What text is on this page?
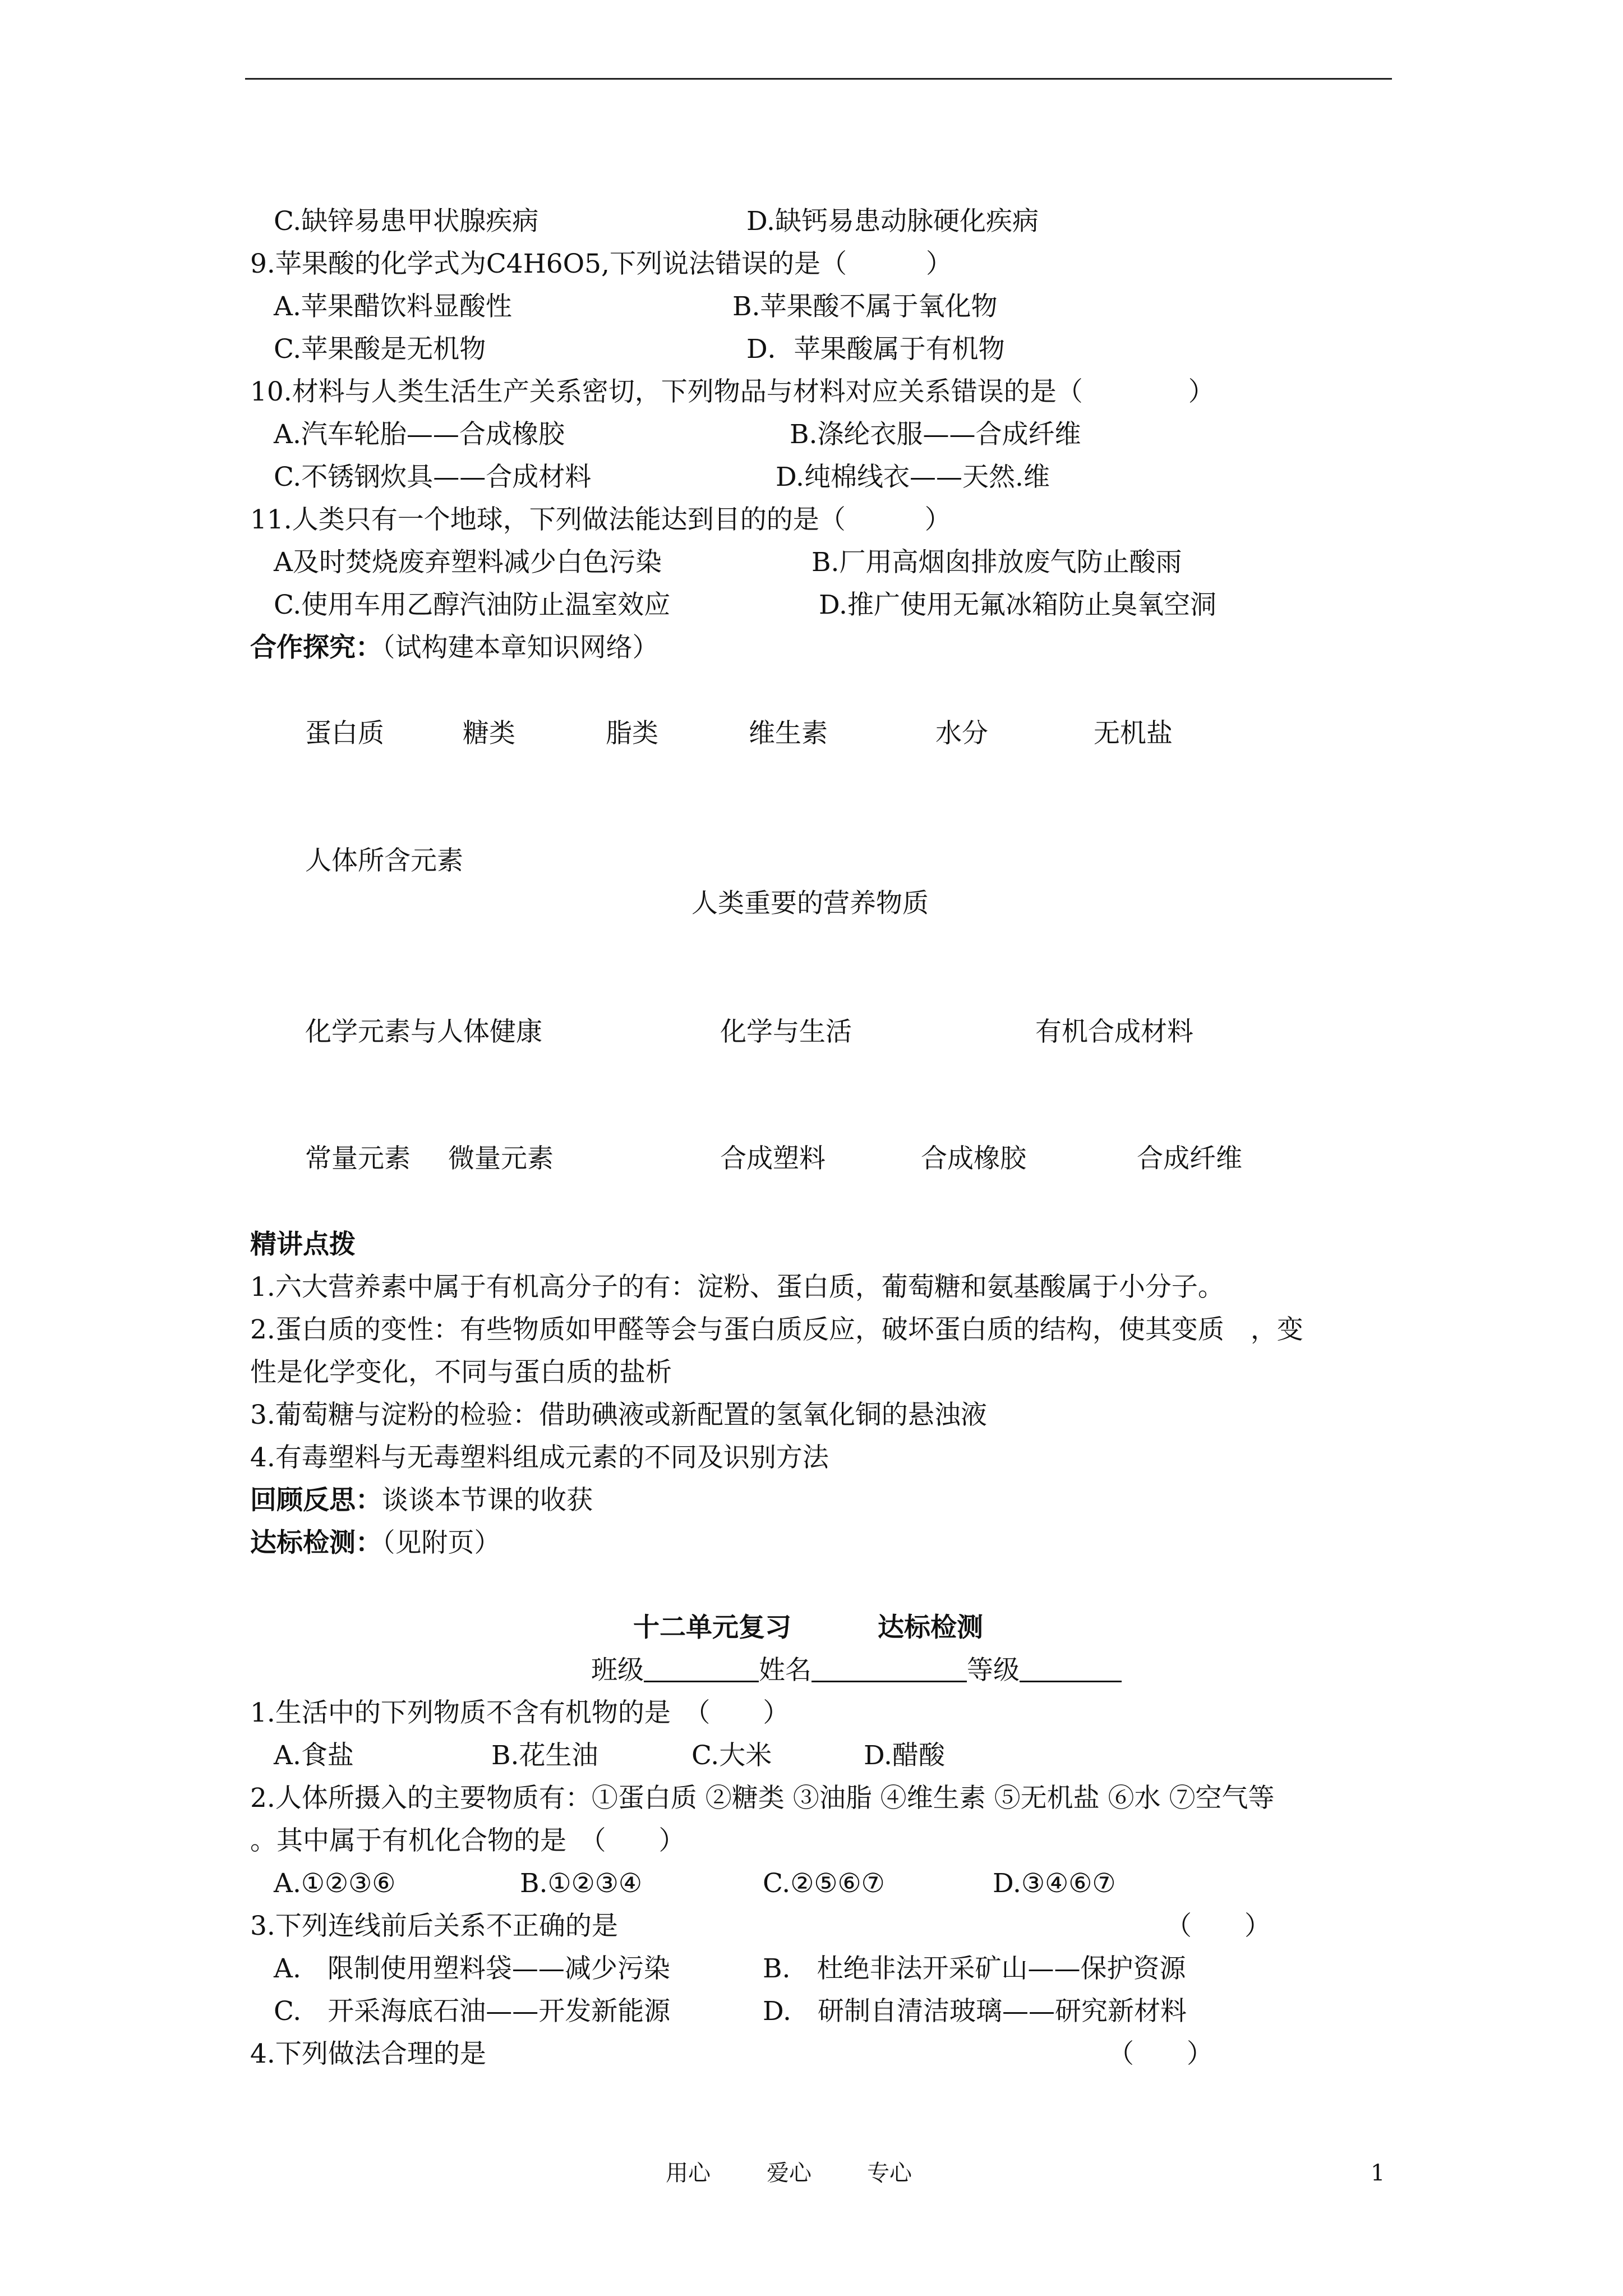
C.缺锌易患甲状腺疾病	D.缺钙易患动脉硬化疾病
9.苹果酸的化学式为C4H6O5,下列说法错误的是（　　　）
A.苹果醋饮料显酸性	B.苹果酸不属于氧化物
C.苹果酸是无机物	D．苹果酸属于有机物
10.材料与人类生活生产关系密切，下列物品与材料对应关系错误的是（　　　　）
A.汽车轮胎——合成橡胶	B.涤纶衣服——合成纤维
C.不锈钢炊具——合成材料	D.纯棉线衣——天然.维
11.人类只有一个地球，下列做法能达到目的的是（　　　）
A及时焚烧废弃塑料减少白色污染	B.厂用高烟囱排放废气防止酸雨
C.使用车用乙醇汽油防止温室效应	D.推广使用无氟冰箱防止臭氧空洞
合作探究：（试构建本章知识网络）
蛋白质	糖类	脂类	维生素	水分	无机盐
人体所含元素
人类重要的营养物质
化学元素与人体健康	化学与生活	有机合成材料
常量元素 微量元素	合成塑料	合成橡胶	合成纤维
精讲点拨
1.六大营养素中属于有机高分子的有：淀粉、蛋白质，葡萄糖和氨基酸属于小分子。
2.蛋白质的变性：有些物质如甲醛等会与蛋白质反应，破坏蛋白质的结构，使其变质　，变
性是化学变化，不同与蛋白质的盐析
3.葡萄糖与淀粉的检验：借助碘液或新配置的氢氧化铜的悬浊液
4.有毒塑料与无毒塑料组成元素的不同及识别方法
回顾反思：谈谈本节课的收获
达标检测：（见附页）
十二单元复习	达标检测
班级	姓名	等级
1.生活中的下列物质不含有机物的是　（　　）
A.食盐	B.花生油	C.大米	D.醋酸
2.人体所摄入的主要物质有：①蛋白质 ②糖类 ③油脂 ④维生素 ⑤无机盐 ⑥水 ⑦空气等
。其中属于有机化合物的是　（　　）
A.①②③⑥	B.①②③④	C.②⑤⑥⑦	D.③④⑥⑦
3.下列连线前后关系不正确的是	（　　）
A.　限制使用塑料袋——减少污染	B.　杜绝非法开采矿山——保护资源
C.　开采海底石油——开发新能源	D.　研制自清洁玻璃——研究新材料
4.下列做法合理的是	（　　）
用心	爱心 专心	1
